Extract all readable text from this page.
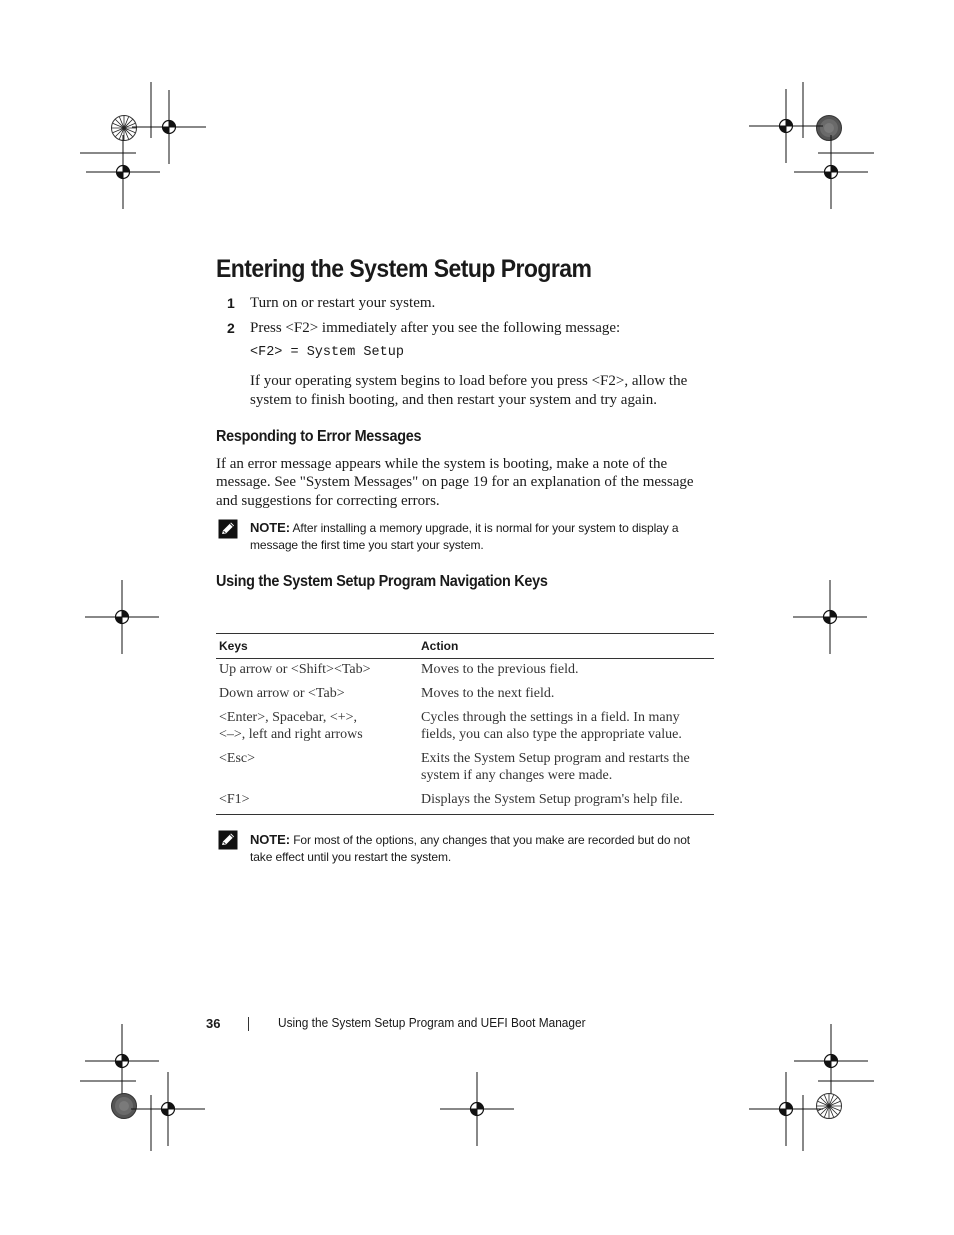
Entering the System Setup Program
1 Turn on or restart your system.
2 Press <F2> immediately after you see the following message:
<F2> = System Setup
If your operating system begins to load before you press <F2>, allow the
system to finish booting, and then restart your system and try again.
Responding to Error Messages
If an error message appears while the system is booting, make a note of the
message. See "System Messages" on page 19 for an explanation of the message
and suggestions for correcting errors.
NOTE: After installing a memory upgrade, it is normal for your system to display a
message the first time you start your system.
Using the System Setup Program Navigation Keys
Keys	Action
Up arrow or <Shift><Tab>	Moves to the previous field.
Down arrow or <Tab>	Moves to the next field.
<Enter>, Spacebar, <+>,
<–>, left and right arrows	Cycles through the settings in a field. In many
fields, you can also type the appropriate value.
<Esc>	Exits the System Setup program and restarts the
system if any changes were made.
<F1>	Displays the System Setup program's help file.
NOTE: For most of the options, any changes that you make are recorded but do not
take effect until you restart the system.
36	Using the System Setup Program and UEFI Boot Manager
